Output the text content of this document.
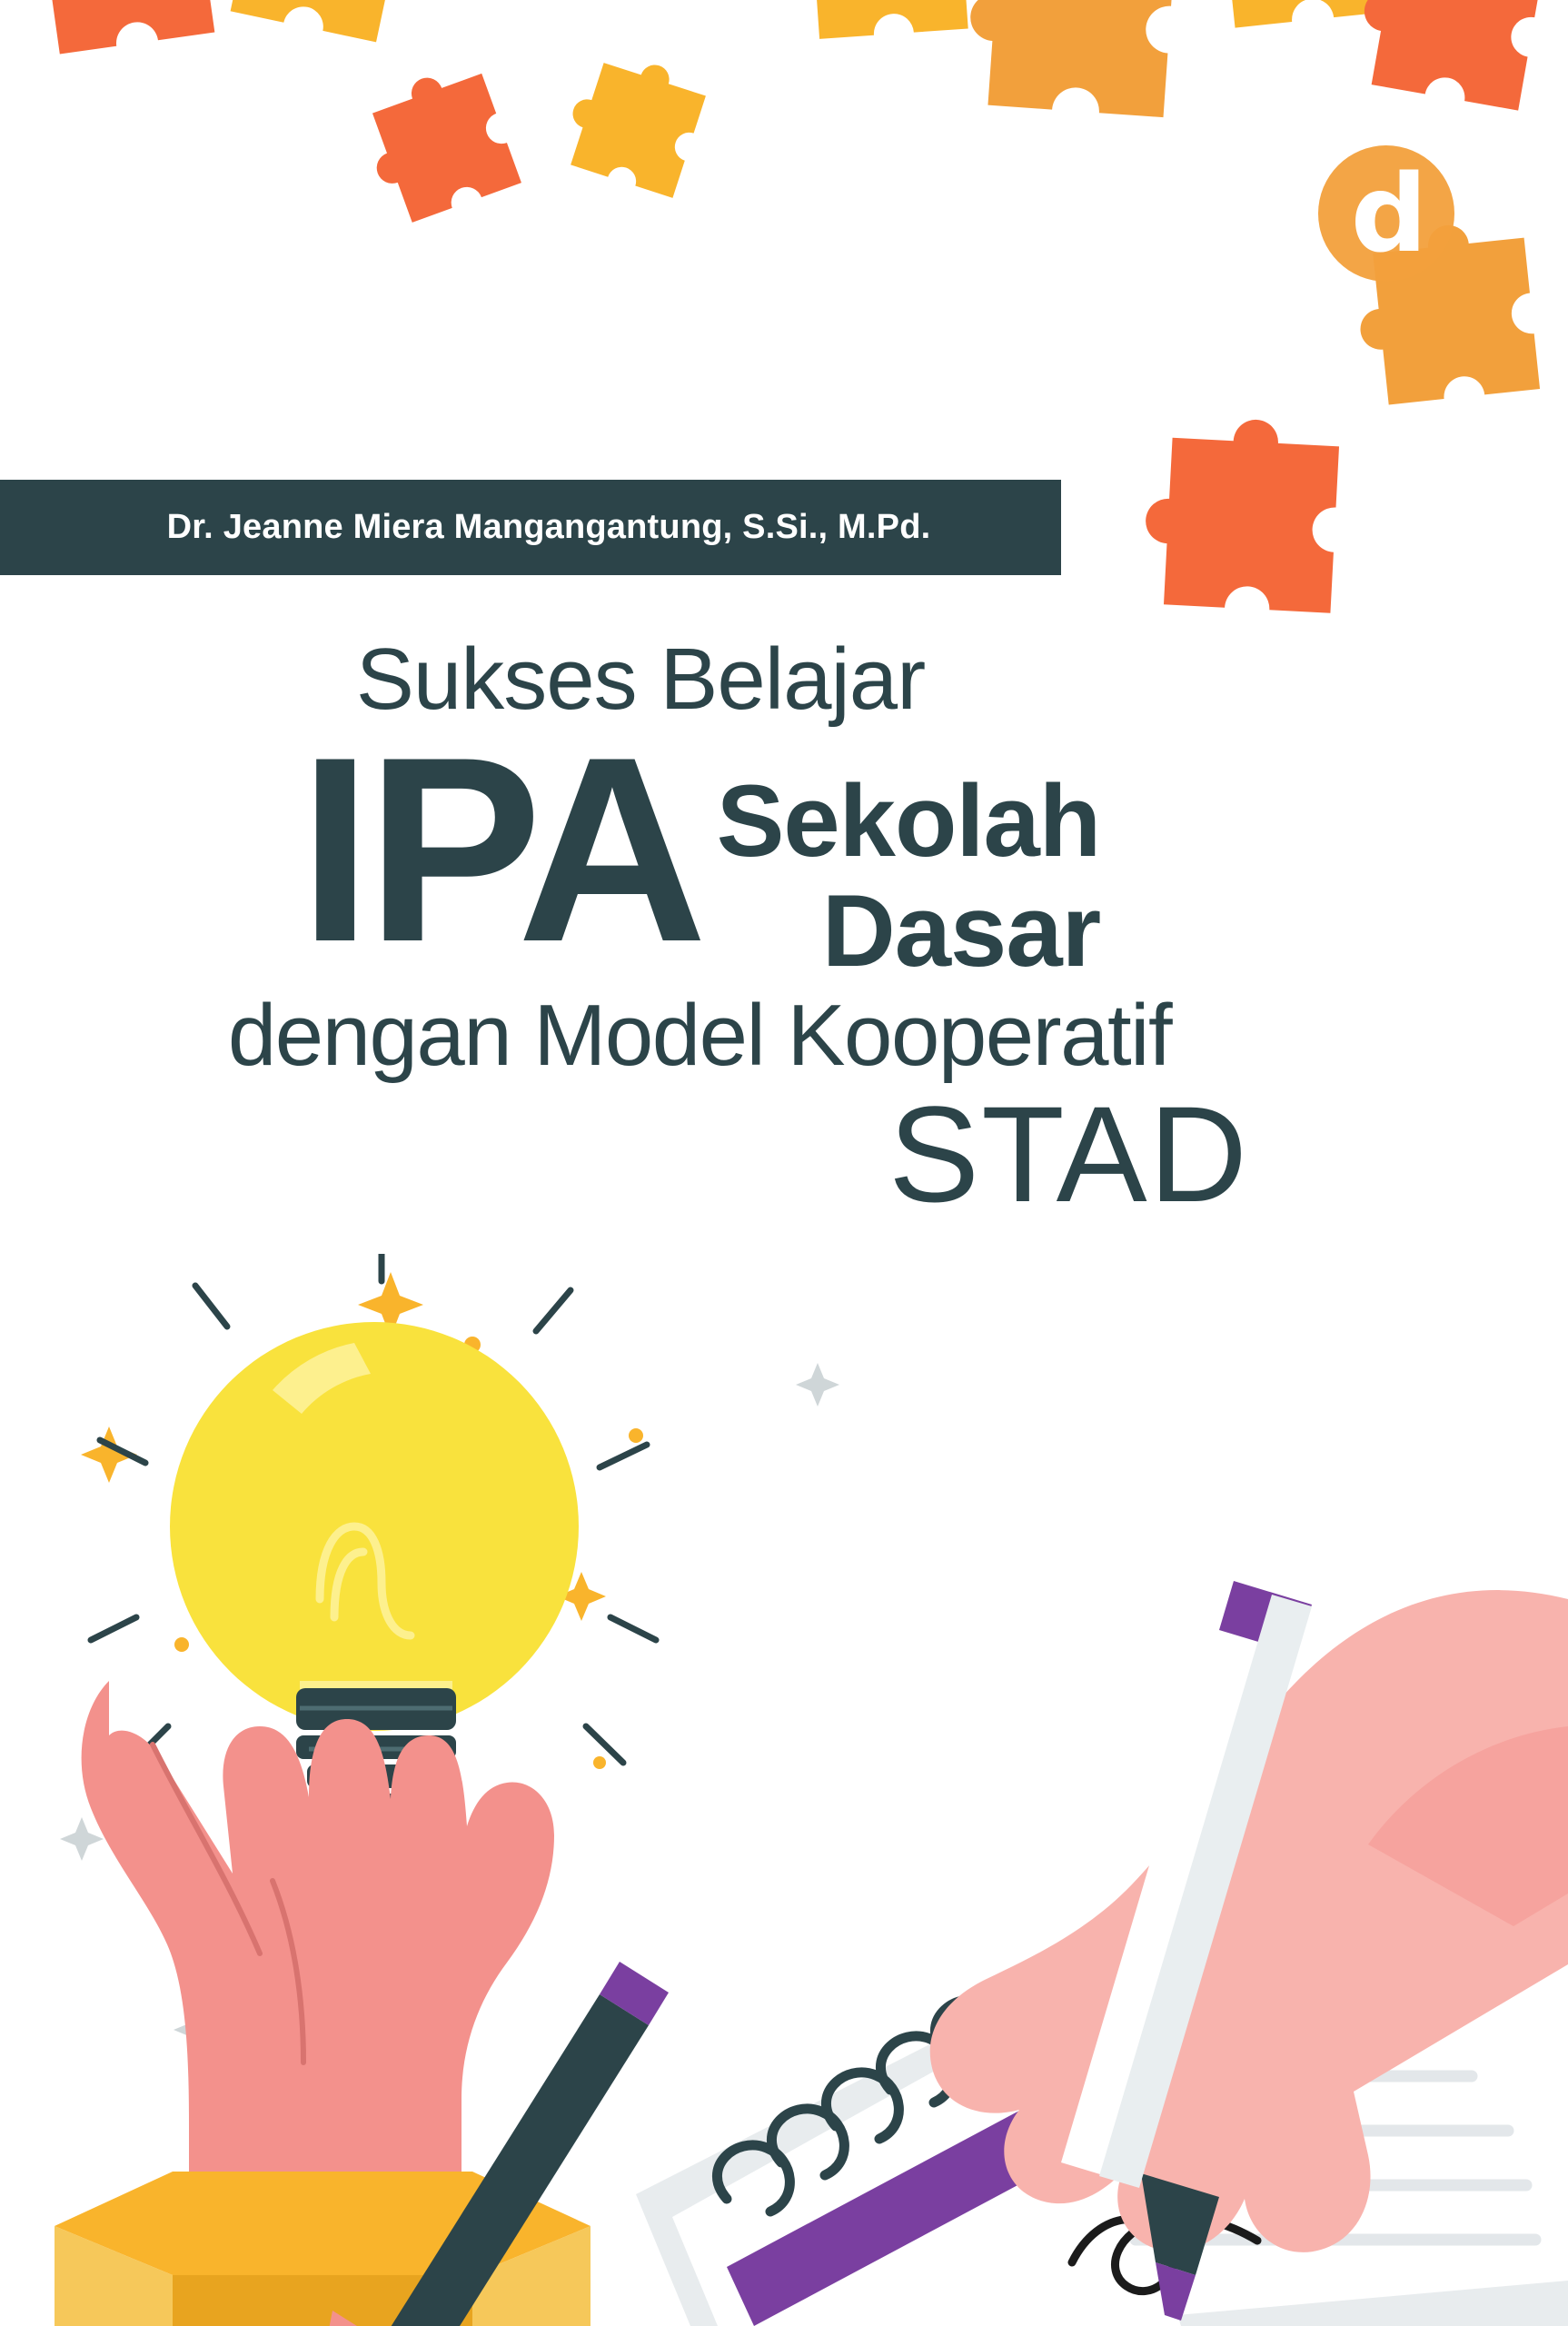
d
Dr. Jeanne Miera Mangangantung, S.Si., M.Pd.
Sukses Belajar
IPA Sekolah
Dasar
dengan Model Kooperatif
STAD
